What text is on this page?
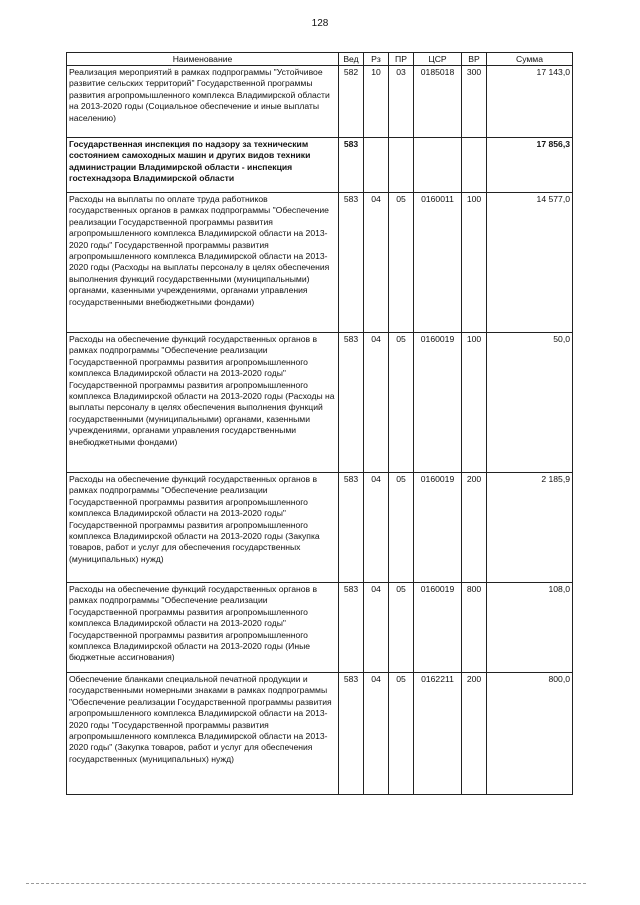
128
Наименование	Вед	Рз	ПР	ЦСР	ВР	Сумма
Реализация мероприятий в рамках подпрограммы "Устойчивое развитие сельских территорий" Государственной программы развития агропромышленного комплекса Владимирской области на 2013-2020 годы (Социальное обеспечение и иные выплаты населению)	582	10	03	0185018	300	17 143,0
Государственная инспекция по надзору за техническим состоянием самоходных машин и других видов техники администрации Владимирской области - инспекция гостехнадзора Владимирской области	583					17 856,3
Расходы на выплаты по оплате труда работников государственных органов в рамках подпрограммы "Обеспечение реализации Государственной программы развития агропромышленного комплекса Владимирской области на 2013-2020 годы" Государственной программы развития агропромышленного комплекса Владимирской области на 2013-2020 годы (Расходы на выплаты персоналу в целях обеспечения выполнения функций государственными (муниципальными) органами, казенными учреждениями, органами управления государственными внебюджетными фондами)	583	04	05	0160011	100	14 577,0
Расходы на обеспечение функций государственных органов в рамках подпрограммы "Обеспечение реализации Государственной программы развития агропромышленного комплекса Владимирской области на 2013-2020 годы" Государственной программы развития агропромышленного комплекса Владимирской области на 2013-2020 годы (Расходы на выплаты персоналу в целях обеспечения выполнения функций государственными (муниципальными) органами, казенными учреждениями, органами управления государственными внебюджетными фондами)	583	04	05	0160019	100	50,0
Расходы на обеспечение функций государственных органов в рамках подпрограммы "Обеспечение реализации Государственной программы развития агропромышленного комплекса Владимирской области на 2013-2020 годы" Государственной программы развития агропромышленного комплекса Владимирской области на 2013-2020 годы (Закупка товаров, работ и услуг для обеспечения государственных (муниципальных) нужд)	583	04	05	0160019	200	2 185,9
Расходы на обеспечение функций государственных органов в рамках подпрограммы "Обеспечение реализации Государственной программы развития агропромышленного комплекса Владимирской области на 2013-2020 годы" Государственной программы развития агропромышленного комплекса Владимирской области на 2013-2020 годы (Иные бюджетные ассигнования)	583	04	05	0160019	800	108,0
Обеспечение бланками специальной печатной продукции и государственными номерными знаками в рамках подпрограммы "Обеспечение реализации Государственной программы развития агропромышленного комплекса Владимирской области на 2013-2020 годы "Государственной программы развития агропромышленного комплекса Владимирской области на 2013-2020 годы" (Закупка товаров, работ и услуг для обеспечения государственных (муниципальных) нужд)	583	04	05	0162211	200	800,0
